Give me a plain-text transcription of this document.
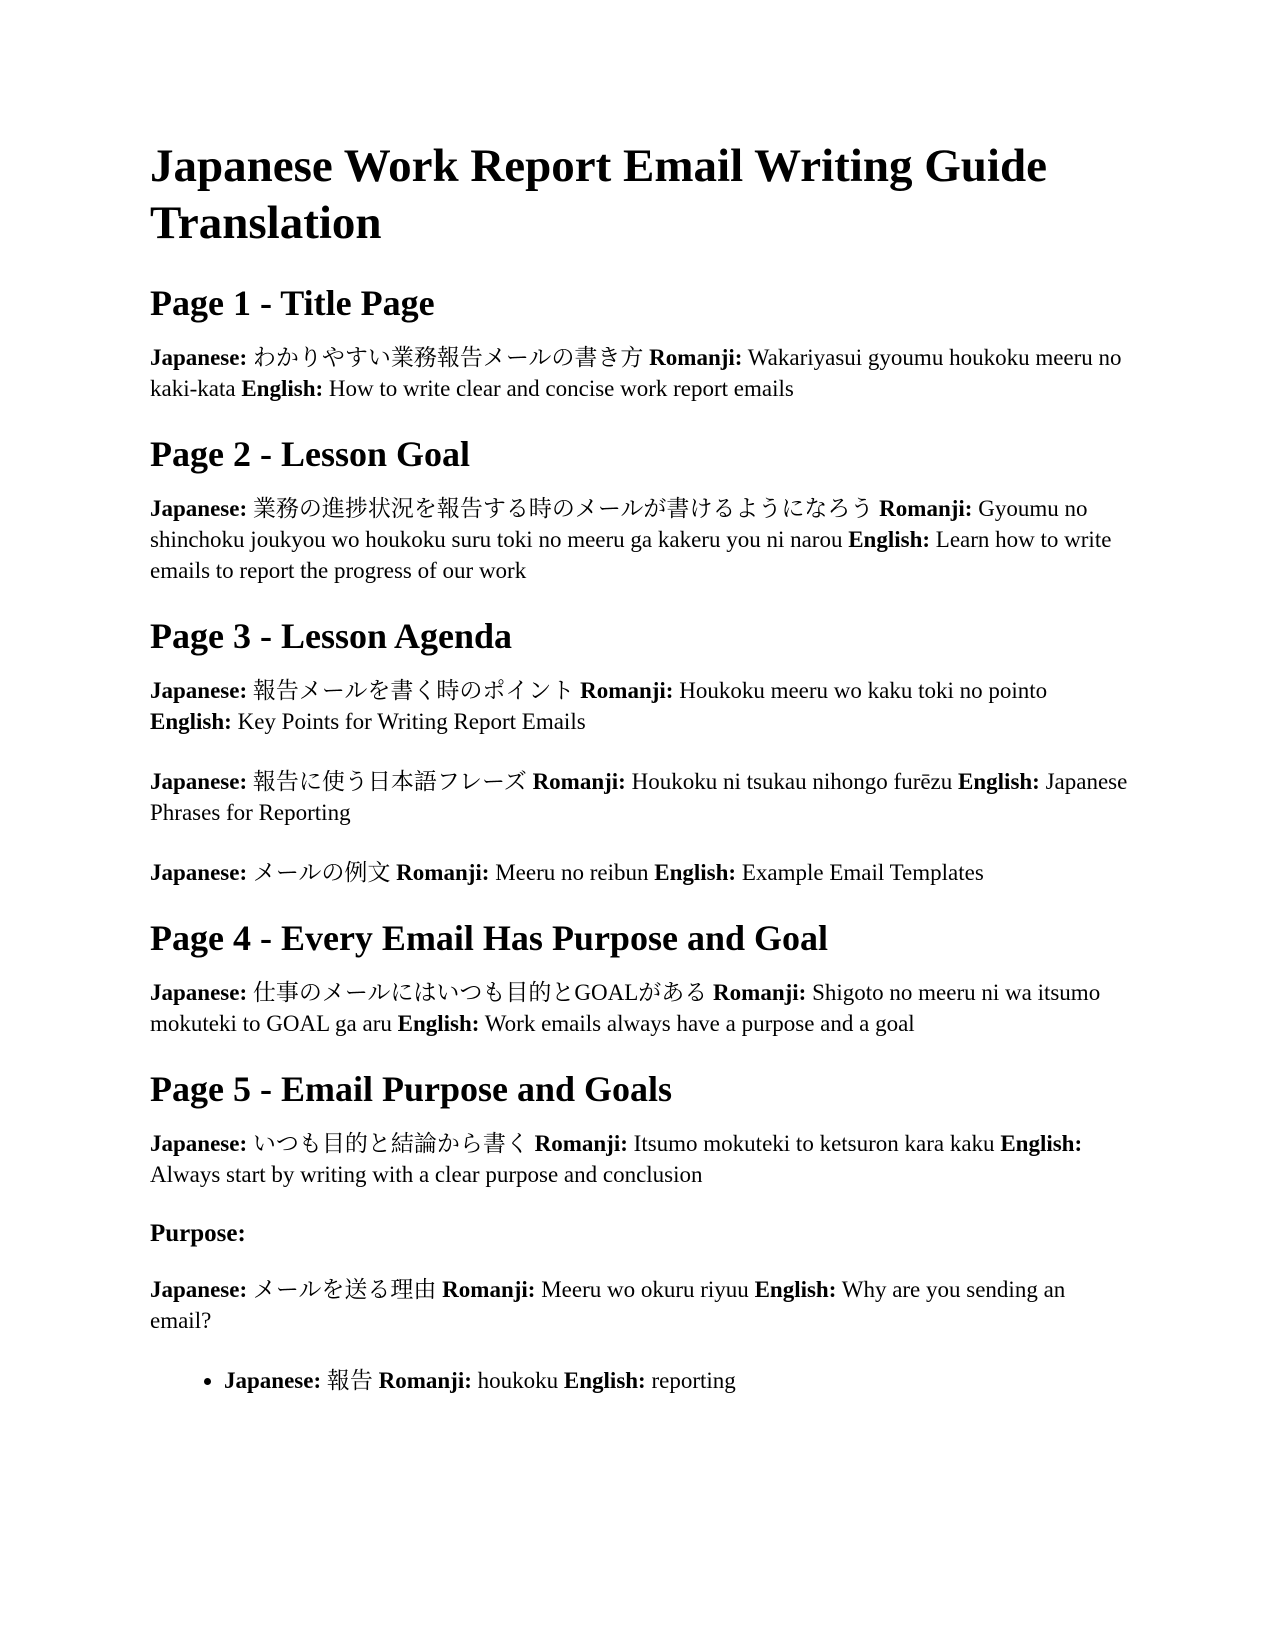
Japanese Work Report Email Writing Guide Translation
Page 1 - Title Page

Japanese: わかりやすい業務報告メールの書き方 Romanji: Wakariyasui gyoumu houkoku meeru no kaki-kata English: How to write clear and concise work report emails

Page 2 - Lesson Goal

Japanese: 業務の進捗状況を報告する時のメールが書けるようになろう Romanji: Gyoumu no shinchoku joukyou wo houkoku suru toki no meeru ga kakeru you ni narou English: Learn how to write emails to report the progress of our work

Page 3 - Lesson Agenda

Japanese: 報告メールを書く時のポイント Romanji: Houkoku meeru wo kaku toki no pointo English: Key Points for Writing Report Emails

Japanese: 報告に使う日本語フレーズ Romanji: Houkoku ni tsukau nihongo furēzu English: Japanese Phrases for Reporting

Japanese: メールの例文 Romanji: Meeru no reibun English: Example Email Templates

Page 4 - Every Email Has Purpose and Goal

Japanese: 仕事のメールにはいつも目的とGOALがある Romanji: Shigoto no meeru ni wa itsumo mokuteki to GOAL ga aru English: Work emails always have a purpose and a goal

Page 5 - Email Purpose and Goals

Japanese: いつも目的と結論から書く Romanji: Itsumo mokuteki to ketsuron kara kaku English: Always start by writing with a clear purpose and conclusion

Purpose:

Japanese: メールを送る理由 Romanji: Meeru wo okuru riyuu English: Why are you sending an email?

• Japanese: 報告 Romanji: houkoku English: reporting
